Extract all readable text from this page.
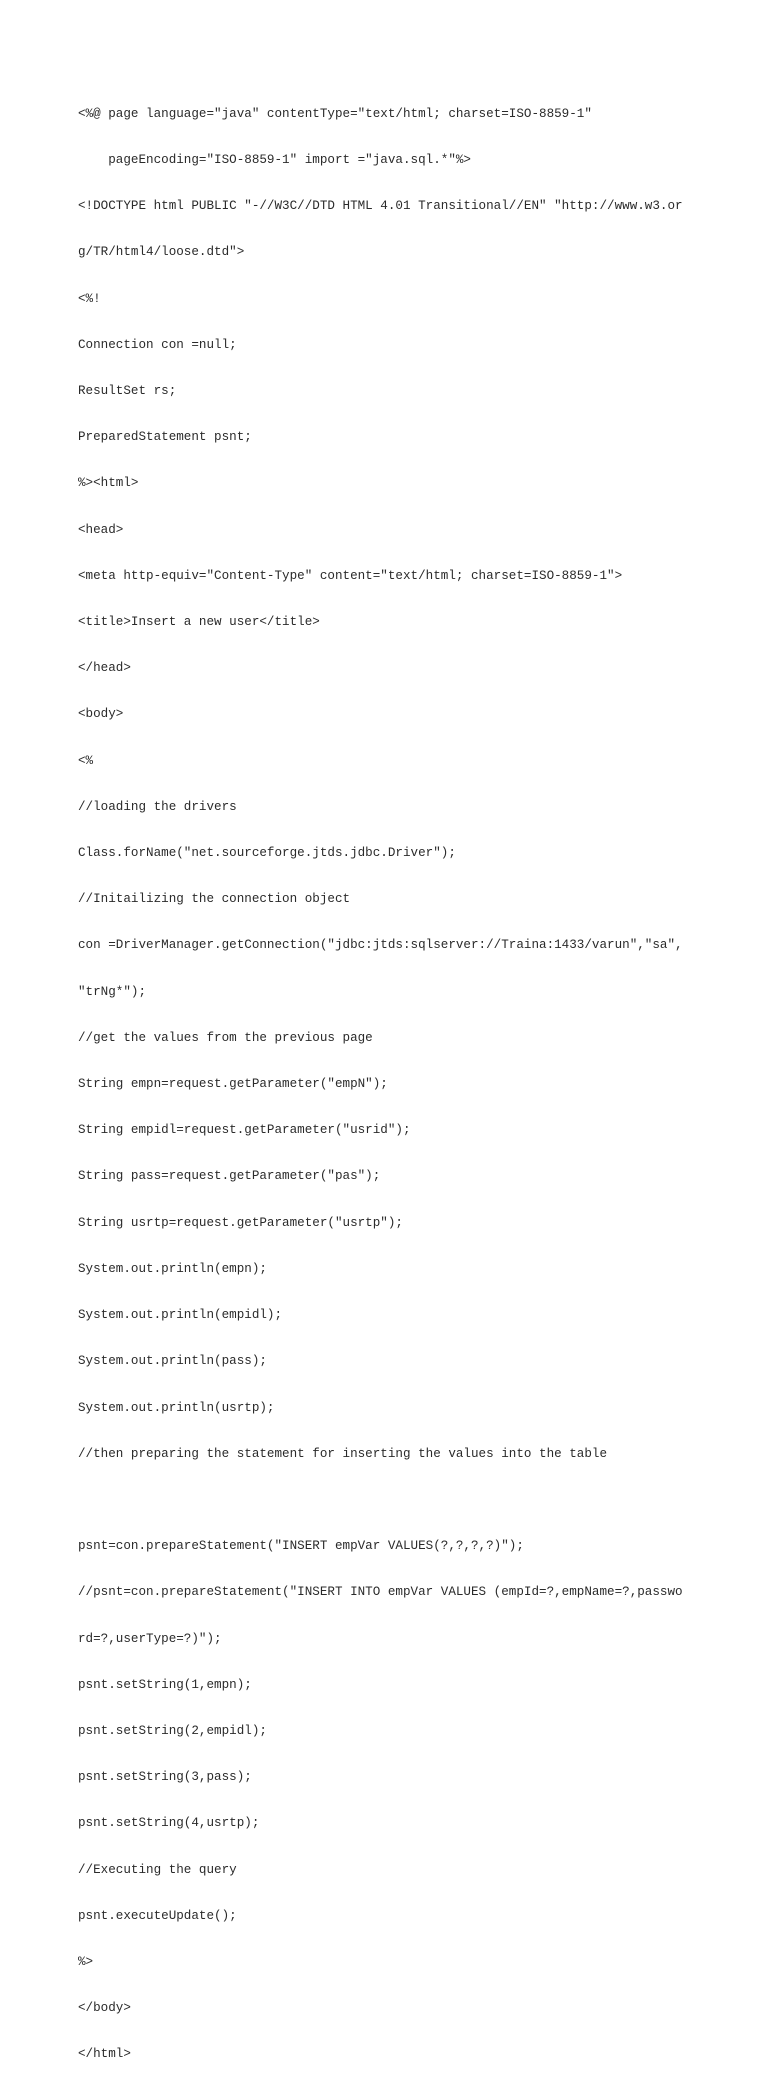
<%@ page language="java" contentType="text/html; charset=ISO-8859-1"

pageEncoding="ISO-8859-1" import ="java.sql.*"%>

<!DOCTYPE html PUBLIC "-//W3C//DTD HTML 4.01 Transitional//EN" "http://www.w3.or

g/TR/html4/loose.dtd">

<%!

Connection con =null;

ResultSet rs;

PreparedStatement psnt;

%><html>

<head>

<meta http-equiv="Content-Type" content="text/html; charset=ISO-8859-1">

<title>Insert a new user</title>

</head>

<body>

<%

//loading the drivers

Class.forName("net.sourceforge.jtds.jdbc.Driver");

//Initailizing the connection object

con =DriverManager.getConnection("jdbc:jtds:sqlserver://Traina:1433/varun","sa",

"trNg*");

//get the values from the previous page

String empn=request.getParameter("empN");

String empidl=request.getParameter("usrid");

String pass=request.getParameter("pas");

String usrtp=request.getParameter("usrtp");

System.out.println(empn);

System.out.println(empidl);

System.out.println(pass);

System.out.println(usrtp);

//then preparing the statement for inserting the values into the table

psnt=con.prepareStatement("INSERT empVar VALUES(?,?,?,?)");

//psnt=con.prepareStatement("INSERT INTO empVar VALUES (empId=?,empName=?,passwo

rd=?,userType=?)");

psnt.setString(1,empn);

psnt.setString(2,empidl);

psnt.setString(3,pass);

psnt.setString(4,usrtp);

//Executing the query

psnt.executeUpdate();

%>

</body>

</html>
